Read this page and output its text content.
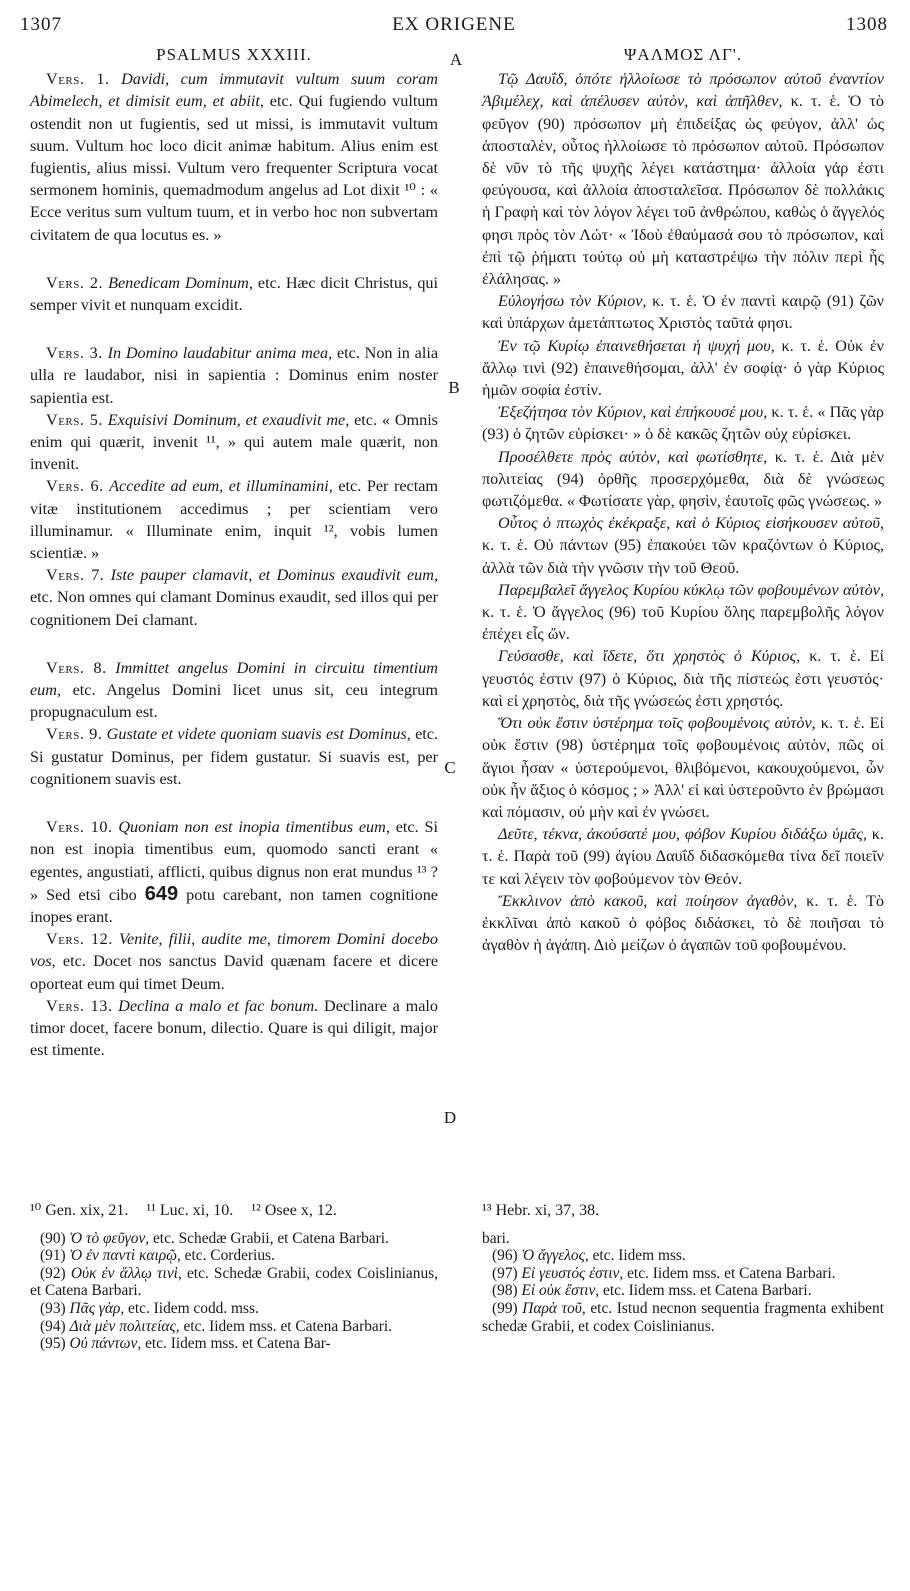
1307	EX ORIGENE	1308
PSALMUS XXXIII.

Vers. 1. Davidi, cum immutavit vultum suum coram Abimelech, et dimisit eum, et abiit, etc. Qui fugiendo vultum ostendit non ut fugientis, sed ut missi, is immutavit vultum suum. Vultum hoc loco dicit animæ habitum. Alius enim est fugientis, alius missi. Vultum vero frequenter Scriptura vocat sermonem hominis, quemadmodum angelus ad Lot dixit ¹⁰ : « Ecce veritus sum vultum tuum, et in verbo hoc non subvertam civitatem de qua locutus es. »

Vers. 2. Benedicam Dominum, etc. Hæc dicit Christus, qui semper vivit et nunquam excidit.

Vers. 3. In Domino laudabitur anima mea, etc. Non in alia ulla re laudabor, nisi in sapientia : Dominus enim noster sapientia est.

Vers. 5. Exquisivi Dominum, et exaudivit me, etc. « Omnis enim qui quærit, invenit ¹¹, » qui autem male quærit, non invenit.

Vers. 6. Accedite ad eum, et illuminamini, etc. Per rectam vitæ institutionem accedimus ; per scientiam vero illuminamur. « Illuminate enim, inquit ¹², vobis lumen scientiæ. »

Vers. 7. Iste pauper clamavit, et Dominus exaudivit eum, etc. Non omnes qui clamant Dominus exaudit, sed illos qui per cognitionem Dei clamant.

Vers. 8. Immittet angelus Domini in circuitu timentium eum, etc. Angelus Domini licet unus sit, ceu integrum propugnaculum est.

Vers. 9. Gustate et videte quoniam suavis est Dominus, etc. Si gustatur Dominus, per fidem gustatur. Si suavis est, per cognitionem suavis est.

Vers. 10. Quoniam non est inopia timentibus eum, etc. Si non est inopia timentibus eum, quomodo sancti erant « egentes, angustiati, afflicti, quibus dignus non erat mundus ¹³ ? » Sed etsi cibo 649 potu carebant, non tamen cognitione inopes erant.

Vers. 12. Venite, filii, audite me, timorem Domini docebo vos, etc. Docet nos sanctus David quænam facere et dicere oporteat eum qui timet Deum.

Vers. 13. Declina a malo et fac bonum. Declinare a malo timor docet, facere bonum, dilectio. Quare is qui diligit, major est timente.

A
B
C
D
ΨΑΛΜΟΣ ΛΓ'.

Τῷ Δαυΐδ, ὁπότε ἠλλοίωσε τὸ πρόσωπον αὐτοῦ ἐναντίον Ἀβιμέλεχ, καὶ ἀπέλυσεν αὐτὸν, καὶ ἀπῆλθεν, κ. τ. ἑ. Ὁ τὸ φεῦγον (90) πρόσωπον μὴ ἐπιδείξας ὡς φεύγον, ἀλλ' ὡς ἀποσταλὲν, οὗτος ἠλλοίωσε τὸ πρόσωπον αὐτοῦ. Πρόσωπον δὲ νῦν τὸ τῆς ψυχῆς λέγει κατάστημα· ἀλλοία γάρ ἐστι φεύγουσα, καὶ ἀλλοία ἀποσταλεῖσα. Πρόσωπον δὲ πολλάκις ἡ Γραφὴ καὶ τὸν λόγον λέγει τοῦ ἀνθρώπου, καθὼς ὁ ἄγγελός φησι πρὸς τὸν Λώτ· « Ἰδοὺ ἐθαύμασά σου τὸ πρόσωπον, καὶ ἐπὶ τῷ ῥήματι τούτῳ οὐ μὴ καταστρέψω τὴν πόλιν περὶ ἧς ἐλάλησας. »

Εὐλογήσω τὸν Κύριον, κ. τ. ἑ. Ὁ ἐν παντὶ καιρῷ (91) ζῶν καὶ ὑπάρχων ἀμετάπτωτος Χριστὸς ταῦτά φησι.

Ἐν τῷ Κυρίῳ ἐπαινεθήσεται ἡ ψυχή μου, κ. τ. ἑ. Οὐκ ἐν ἄλλῳ τινὶ (92) ἐπαινεθήσομαι, ἀλλ' ἐν σοφίᾳ· ὁ γὰρ Κύριος ἡμῶν σοφία ἐστίν.

Ἐξεζήτησα τὸν Κύριον, καὶ ἐπήκουσέ μου, κ. τ. ἑ. « Πᾶς γὰρ (93) ὁ ζητῶν εὑρίσκει· » ὁ δὲ κακῶς ζητῶν οὐχ εὑρίσκει.

Προσέλθετε πρὸς αὐτὸν, καὶ φωτίσθητε, κ. τ. ἑ. Διὰ μὲν πολιτείας (94) ὀρθῆς προσερχόμεθα, διὰ δὲ γνώσεως φωτιζόμεθα. « Φωτίσατε γὰρ, φησὶν, ἑαυτοῖς φῶς γνώσεως. »

Οὗτος ὁ πτωχὸς ἐκέκραξε, καὶ ὁ Κύριος εἰσήκουσεν αὐτοῦ, κ. τ. ἑ. Οὐ πάντων (95) ἐπακούει τῶν κραζόντων ὁ Κύριος, ἀλλὰ τῶν διὰ τὴν γνῶσιν τὴν τοῦ Θεοῦ.

Παρεμβαλεῖ ἄγγελος Κυρίου κύκλῳ τῶν φοβουμένων αὐτὸν, κ. τ. ἑ. Ὁ ἄγγελος (96) τοῦ Κυρίου ὅλης παρεμβολῆς λόγον ἐπέχει εἷς ὤν.

Γεύσασθε, καὶ ἴδετε, ὅτι χρηστὸς ὁ Κύριος, κ. τ. ἑ. Εἰ γευστός ἐστιν (97) ὁ Κύριος, διὰ τῆς πίστεώς ἐστι γευστός· καὶ εἰ χρηστὸς, διὰ τῆς γνώσεώς ἐστι χρηστός.

Ὅτι οὐκ ἔστιν ὑστέρημα τοῖς φοβουμένοις αὐτὸν, κ. τ. ἑ. Εἰ οὐκ ἔστιν (98) ὑστέρημα τοῖς φοβουμένοις αὐτὸν, πῶς οἱ ἅγιοι ἦσαν « ὑστερούμενοι, θλιβόμενοι, κακουχούμενοι, ὧν οὐκ ἦν ἄξιος ὁ κόσμος ; » Ἀλλ' εἰ καὶ ὑστεροῦντο ἐν βρώμασι καὶ πόμασιν, οὐ μὴν καὶ ἐν γνώσει.

Δεῦτε, τέκνα, ἀκούσατέ μου, φόβον Κυρίου διδάξω ὑμᾶς, κ. τ. ἑ. Παρὰ τοῦ (99) ἁγίου Δαυΐδ διδασκόμεθα τίνα δεῖ ποιεῖν τε καὶ λέγειν τὸν φοβούμενον τὸν Θεόν.

Ἔκκλινον ἀπὸ κακοῦ, καὶ ποίησον ἀγαθὸν, κ. τ. ἑ. Τὸ ἐκκλῖναι ἀπὸ κακοῦ ὁ φόβος διδάσκει, τὸ δὲ ποιῆσαι τὸ ἀγαθὸν ἡ ἀγάπη. Διὸ μείζων ὁ ἀγαπῶν τοῦ φοβουμένου.

¹⁰ Gen. xix, 21. ¹¹ Luc. xi, 10. ¹² Osee x, 12.

(90) Ὁ τὸ φεῦγον, etc. Schedæ Grabii, et Catena Barbari.

(91) Ὁ ἐν παντὶ καιρῷ, etc. Corderius.

(92) Οὐκ ἐν ἄλλῳ τινὶ, etc. Schedæ Grabii, codex Coislinianus, et Catena Barbari.

(93) Πᾶς γὰρ, etc. Iidem codd. mss.

(94) Διὰ μὲν πολιτείας, etc. Iidem mss. et Catena Barbari.

(95) Οὐ πάντων, etc. Iidem mss. et Catena Bar-

¹³ Hebr. xi, 37, 38.

bari.

(96) Ὁ ἄγγελος, etc. Iidem mss.

(97) Εἰ γευστός ἐστιν, etc. Iidem mss. et Catena Barbari.

(98) Εἰ οὐκ ἔστιν, etc. Iidem mss. et Catena Barbari.

(99) Παρὰ τοῦ, etc. Istud necnon sequentia fragmenta exhibent schedæ Grabii, et codex Coislinianus.
